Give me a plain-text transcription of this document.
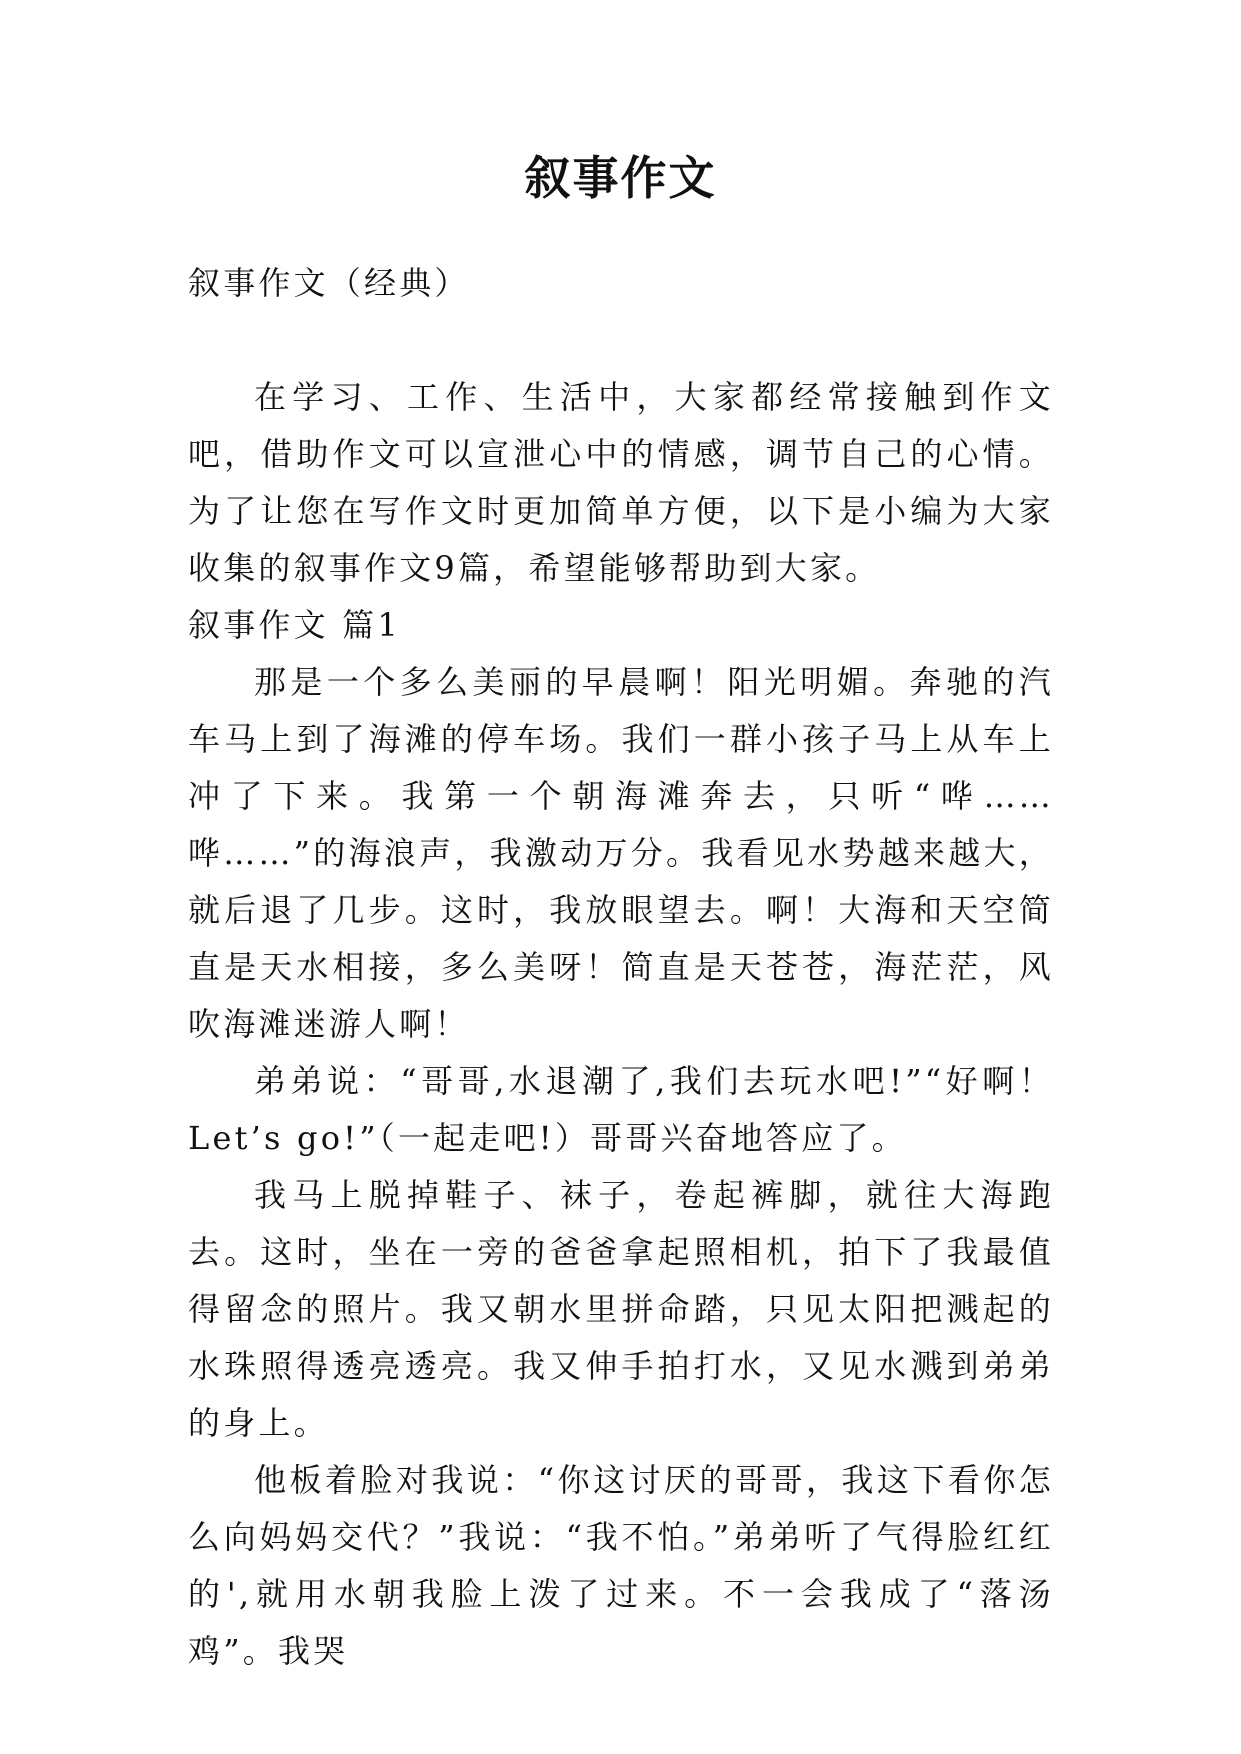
叙事作文

叙事作文（经典）

在学习、工作、生活中，大家都经常接触到作文吧，借助作文可以宣泄心中的情感，调节自己的心情。为了让您在写作文时更加简单方便，以下是小编为大家收集的叙事作文9篇，希望能够帮助到大家。

叙事作文 篇1

那是一个多么美丽的早晨啊！阳光明媚。奔驰的汽车马上到了海滩的停车场。我们一群小孩子马上从车上冲了下来。我第一个朝海滩奔去，只听“哗……哗……”的海浪声，我激动万分。我看见水势越来越大，就后退了几步。这时，我放眼望去。啊！大海和天空简直是天水相接，多么美呀！简直是天苍苍，海茫茫，风吹海滩迷游人啊！

弟弟说：“哥哥,水退潮了,我们去玩水吧!”“好啊！Let’s go!”（一起走吧!）哥哥兴奋地答应了。

我马上脱掉鞋子、袜子，卷起裤脚，就往大海跑去。这时，坐在一旁的爸爸拿起照相机，拍下了我最值得留念的照片。我又朝水里拼命踏，只见太阳把溅起的水珠照得透亮透亮。我又伸手拍打水，又见水溅到弟弟的身上。

他板着脸对我说：“你这讨厌的哥哥，我这下看你怎么向妈妈交代？”我说：“我不怕。”弟弟听了气得脸红红的',就用水朝我脸上泼了过来。不一会我成了“落汤鸡”。我哭
